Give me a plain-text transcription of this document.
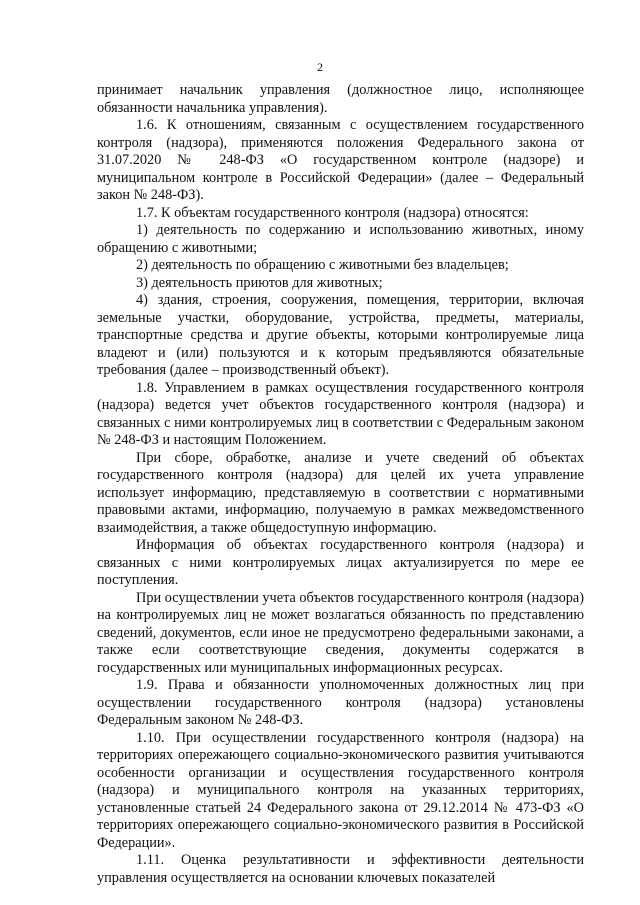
2

принимает начальник управления (должностное лицо, исполняющее обязанности начальника управления).

1.6. К отношениям, связанным с осуществлением государственного контроля (надзора), применяются положения Федерального закона от 31.07.2020 № 248-ФЗ «О государственном контроле (надзоре) и муниципальном контроле в Российской Федерации» (далее – Федеральный закон № 248-ФЗ).

1.7. К объектам государственного контроля (надзора) относятся:

1) деятельность по содержанию и использованию животных, иному обращению с животными;

2) деятельность по обращению с животными без владельцев;

3) деятельность приютов для животных;

4) здания, строения, сооружения, помещения, территории, включая земельные участки, оборудование, устройства, предметы, материалы, транспортные средства и другие объекты, которыми контролируемые лица владеют и (или) пользуются и к которым предъявляются обязательные требования (далее – производственный объект).

1.8. Управлением в рамках осуществления государственного контроля (надзора) ведется учет объектов государственного контроля (надзора) и связанных с ними контролируемых лиц в соответствии с Федеральным законом № 248-ФЗ и настоящим Положением.

При сборе, обработке, анализе и учете сведений об объектах государственного контроля (надзора) для целей их учета управление использует информацию, представляемую в соответствии с нормативными правовыми актами, информацию, получаемую в рамках межведомственного взаимодействия, а также общедоступную информацию.

Информация об объектах государственного контроля (надзора) и связанных с ними контролируемых лицах актуализируется по мере ее поступления.

При осуществлении учета объектов государственного контроля (надзора) на контролируемых лиц не может возлагаться обязанность по представлению сведений, документов, если иное не предусмотрено федеральными законами, а также если соответствующие сведения, документы содержатся в государственных или муниципальных информационных ресурсах.

1.9. Права и обязанности уполномоченных должностных лиц при осуществлении государственного контроля (надзора) установлены Федеральным законом № 248-ФЗ.

1.10. При осуществлении государственного контроля (надзора) на территориях опережающего социально-экономического развития учитываются особенности организации и осуществления государственного контроля (надзора) и муниципального контроля на указанных территориях, установленные статьей 24 Федерального закона от 29.12.2014 № 473-ФЗ «О территориях опережающего социально-экономического развития в Российской Федерации».

1.11. Оценка результативности и эффективности деятельности управления осуществляется на основании ключевых показателей
